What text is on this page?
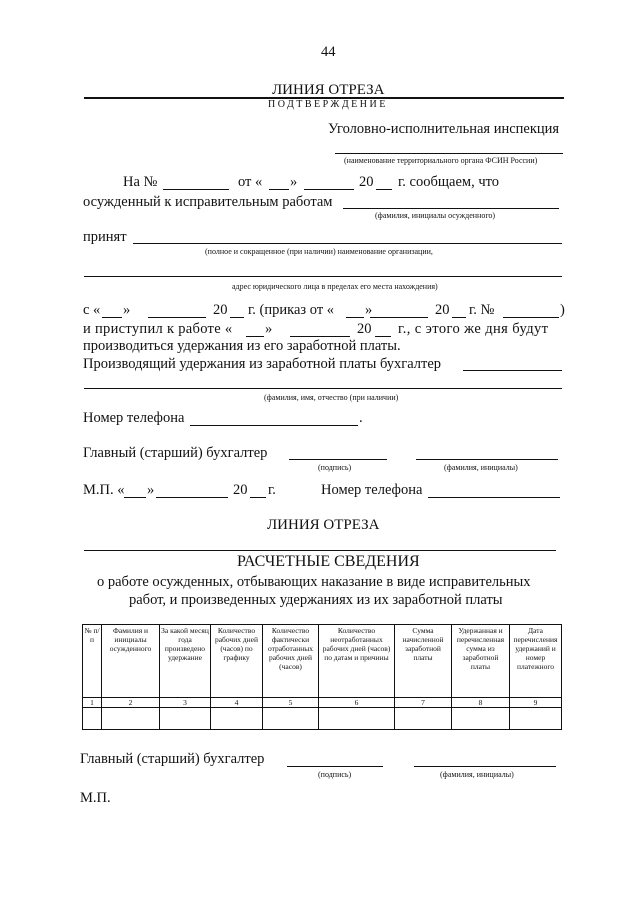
44
ЛИНИЯ ОТРЕЗА
ПОДТВЕРЖДЕНИЕ
Уголовно-исполнительная инспекция
(наименование территориального органа ФСИН России)
На №	от « »	20 г. сообщаем, что
осужденный к исправительным работам
(фамилия, инициалы осужденного)
принят
(полное и сокращенное (при наличии) наименование организации,
адрес юридического лица в пределах его места нахождения)
с « »	20 г. (приказ от « »	20 г. №	)
и приступил к работе « »	20 г., с этого же дня будут
производиться удержания из его заработной платы.
Производящий удержания из заработной платы бухгалтер
(фамилия, имя, отчество (при наличии)
Номер телефона	.
Главный (старший) бухгалтер
(подпись)	(фамилия, инициалы)
М.П. « »	20 г.	Номер телефона
ЛИНИЯ ОТРЕЗА
РАСЧЕТНЫЕ СВЕДЕНИЯ
о работе осужденных, отбывающих наказание в виде исправительных
работ, и произведенных удержаниях из их заработной платы
№ п/п	Фамилия и инициалы осужденного	За какой месяц года произведено удержание	Количество рабочих дней (часов) по графику	Количество фактически отработанных рабочих дней (часов)	Количество неотработанных рабочих дней (часов) по датам и причины	Сумма начисленной заработной платы	Удержанная и перечисленная сумма из заработной платы	Дата перечисления удержаний и номер платежного
1	2	3	4	5	6	7	8	9

Главный (старший) бухгалтер
(подпись)	(фамилия, инициалы)
М.П.
